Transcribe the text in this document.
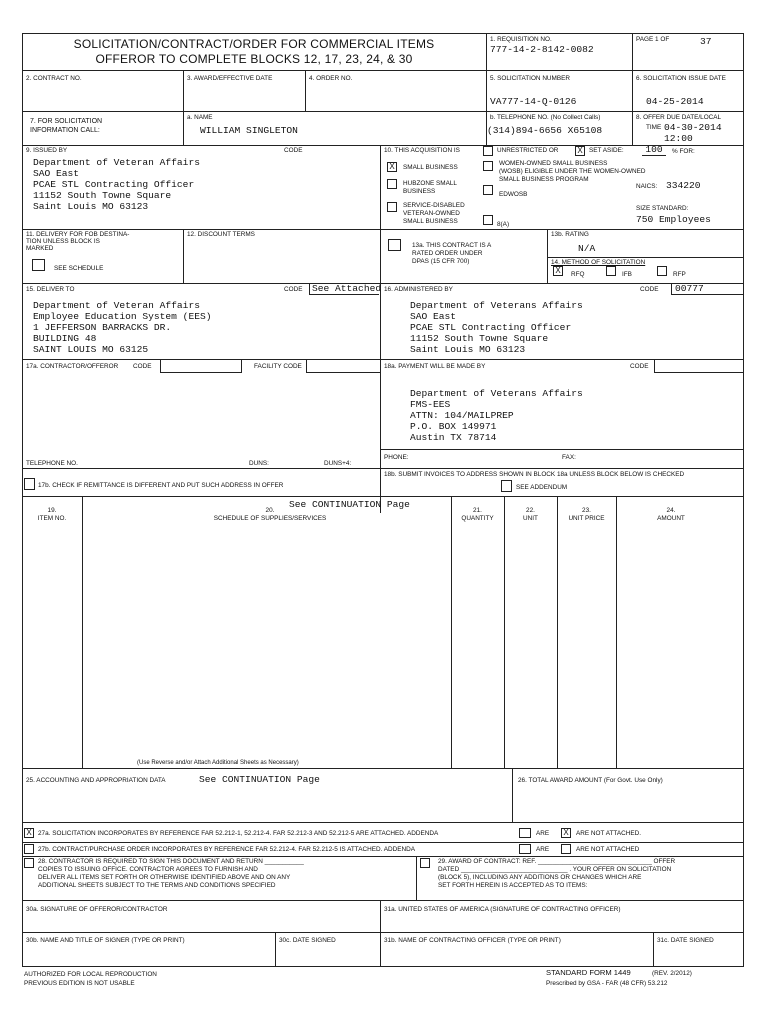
SOLICITATION/CONTRACT/ORDER FOR COMMERCIAL ITEMS
OFFEROR TO COMPLETE BLOCKS 12, 17, 23, 24, & 30
1. REQUISITION NO.
777-14-2-8142-0082
PAGE 1 OF	37
2. CONTRACT NO.	3. AWARD/EFFECTIVE DATE	4. ORDER NO.	5. SOLICITATION NUMBER
VA777-14-Q-0126
6. SOLICITATION ISSUE DATE
04-25-2014
7. FOR SOLICITATION
INFORMATION CALL:
a. NAME
WILLIAM SINGLETON
b. TELEPHONE NO. (No Collect Calls)
(314)894-6656 X65108
8. OFFER DUE DATE/LOCAL
TIME 04-30-2014
12:00
9. ISSUED BY	CODE
Department of Veteran Affairs
SAO East
PCAE STL Contracting Officer
11152 South Towne Square
Saint Louis MO 63123
10. THIS ACQUISITION IS	UNRESTRICTED OR X SET ASIDE:	100	% FOR:
X	SMALL BUSINESS
HUBZONE SMALL
BUSINESS
SERVICE-DISABLED
VETERAN-OWNED
SMALL BUSINESS
WOMEN-OWNED SMALL BUSINESS
(WOSB) ELIGIBLE UNDER THE WOMEN-OWNED
SMALL BUSINESS PROGRAM
EDWOSB
8(A)
NAICS: 334220
SIZE STANDARD:
750 Employees
11. DELIVERY FOR FOB DESTINA-
TION UNLESS BLOCK IS
MARKED
SEE SCHEDULE
12. DISCOUNT TERMS
13a. THIS CONTRACT IS A
RATED ORDER UNDER
DPAS (15 CFR 700)
13b. RATING
N/A
14. METHOD OF SOLICITATION
X	RFQ	IFB	RFP
15. DELIVER TO	CODE See Attached
Department of Veteran Affairs
Employee Education System (EES)
1 JEFFERSON BARRACKS DR.
BUILDING 48
SAINT LOUIS MO 63125
16. ADMINISTERED BY	CODE	00777
Department of Veterans Affairs
SAO East
PCAE STL Contracting Officer
11152 South Towne Square
Saint Louis MO 63123
17a. CONTRACTOR/OFFEROR CODE	FACILITY CODE
TELEPHONE NO.	DUNS:	DUNS+4:
17b. CHECK IF REMITTANCE IS DIFFERENT AND PUT SUCH ADDRESS IN OFFER
18a. PAYMENT WILL BE MADE BY	CODE
Department of Veterans Affairs
FMS-EES
ATTN: 104/MAILPREP
P.O. BOX 149971
Austin TX 78714
PHONE:	FAX:
18b. SUBMIT INVOICES TO ADDRESS SHOWN IN BLOCK 18a UNLESS BLOCK BELOW IS CHECKED
SEE ADDENDUM
19.
ITEM NO.
20.
SCHEDULE OF SUPPLIES/SERVICES
See CONTINUATION Page
21.
QUANTITY
22.
UNIT
23.
UNIT PRICE
24.
AMOUNT
(Use Reverse and/or Attach Additional Sheets as Necessary)
25. ACCOUNTING AND APPROPRIATION DATA	See CONTINUATION Page	26. TOTAL AWARD AMOUNT (For Govt. Use Only)
X 27a. SOLICITATION INCORPORATES BY REFERENCE FAR 52.212-1, 52.212-4. FAR 52.212-3 AND 52.212-5 ARE ATTACHED. ADDENDA	ARE X	ARE NOT ATTACHED.
27b. CONTRACT/PURCHASE ORDER INCORPORATES BY REFERENCE FAR 52.212-4. FAR 52.212-5 IS ATTACHED. ADDENDA	ARE	ARE NOT ATTACHED
28. CONTRACTOR IS REQUIRED TO SIGN THIS DOCUMENT AND RETURN ___________
COPIES TO ISSUING OFFICE. CONTRACTOR AGREES TO FURNISH AND
DELIVER ALL ITEMS SET FORTH OR OTHERWISE IDENTIFIED ABOVE AND ON ANY
ADDITIONAL SHEETS SUBJECT TO THE TERMS AND CONDITIONS SPECIFIED
29. AWARD OF CONTRACT: REF. ________________________________ OFFER
DATED ______________________________ . YOUR OFFER ON SOLICITATION
(BLOCK 5), INCLUDING ANY ADDITIONS OR CHANGES WHICH ARE
SET FORTH HEREIN IS ACCEPTED AS TO ITEMS:
30a. SIGNATURE OF OFFEROR/CONTRACTOR	31a. UNITED STATES OF AMERICA (SIGNATURE OF CONTRACTING OFFICER)
30b. NAME AND TITLE OF SIGNER (TYPE OR PRINT)	30c. DATE SIGNED	31b. NAME OF CONTRACTING OFFICER (TYPE OR PRINT)	31c. DATE SIGNED
AUTHORIZED FOR LOCAL REPRODUCTION
PREVIOUS EDITION IS NOT USABLE
STANDARD FORM 1449	(REV. 2/2012)
Prescribed by GSA - FAR (48 CFR) 53.212
